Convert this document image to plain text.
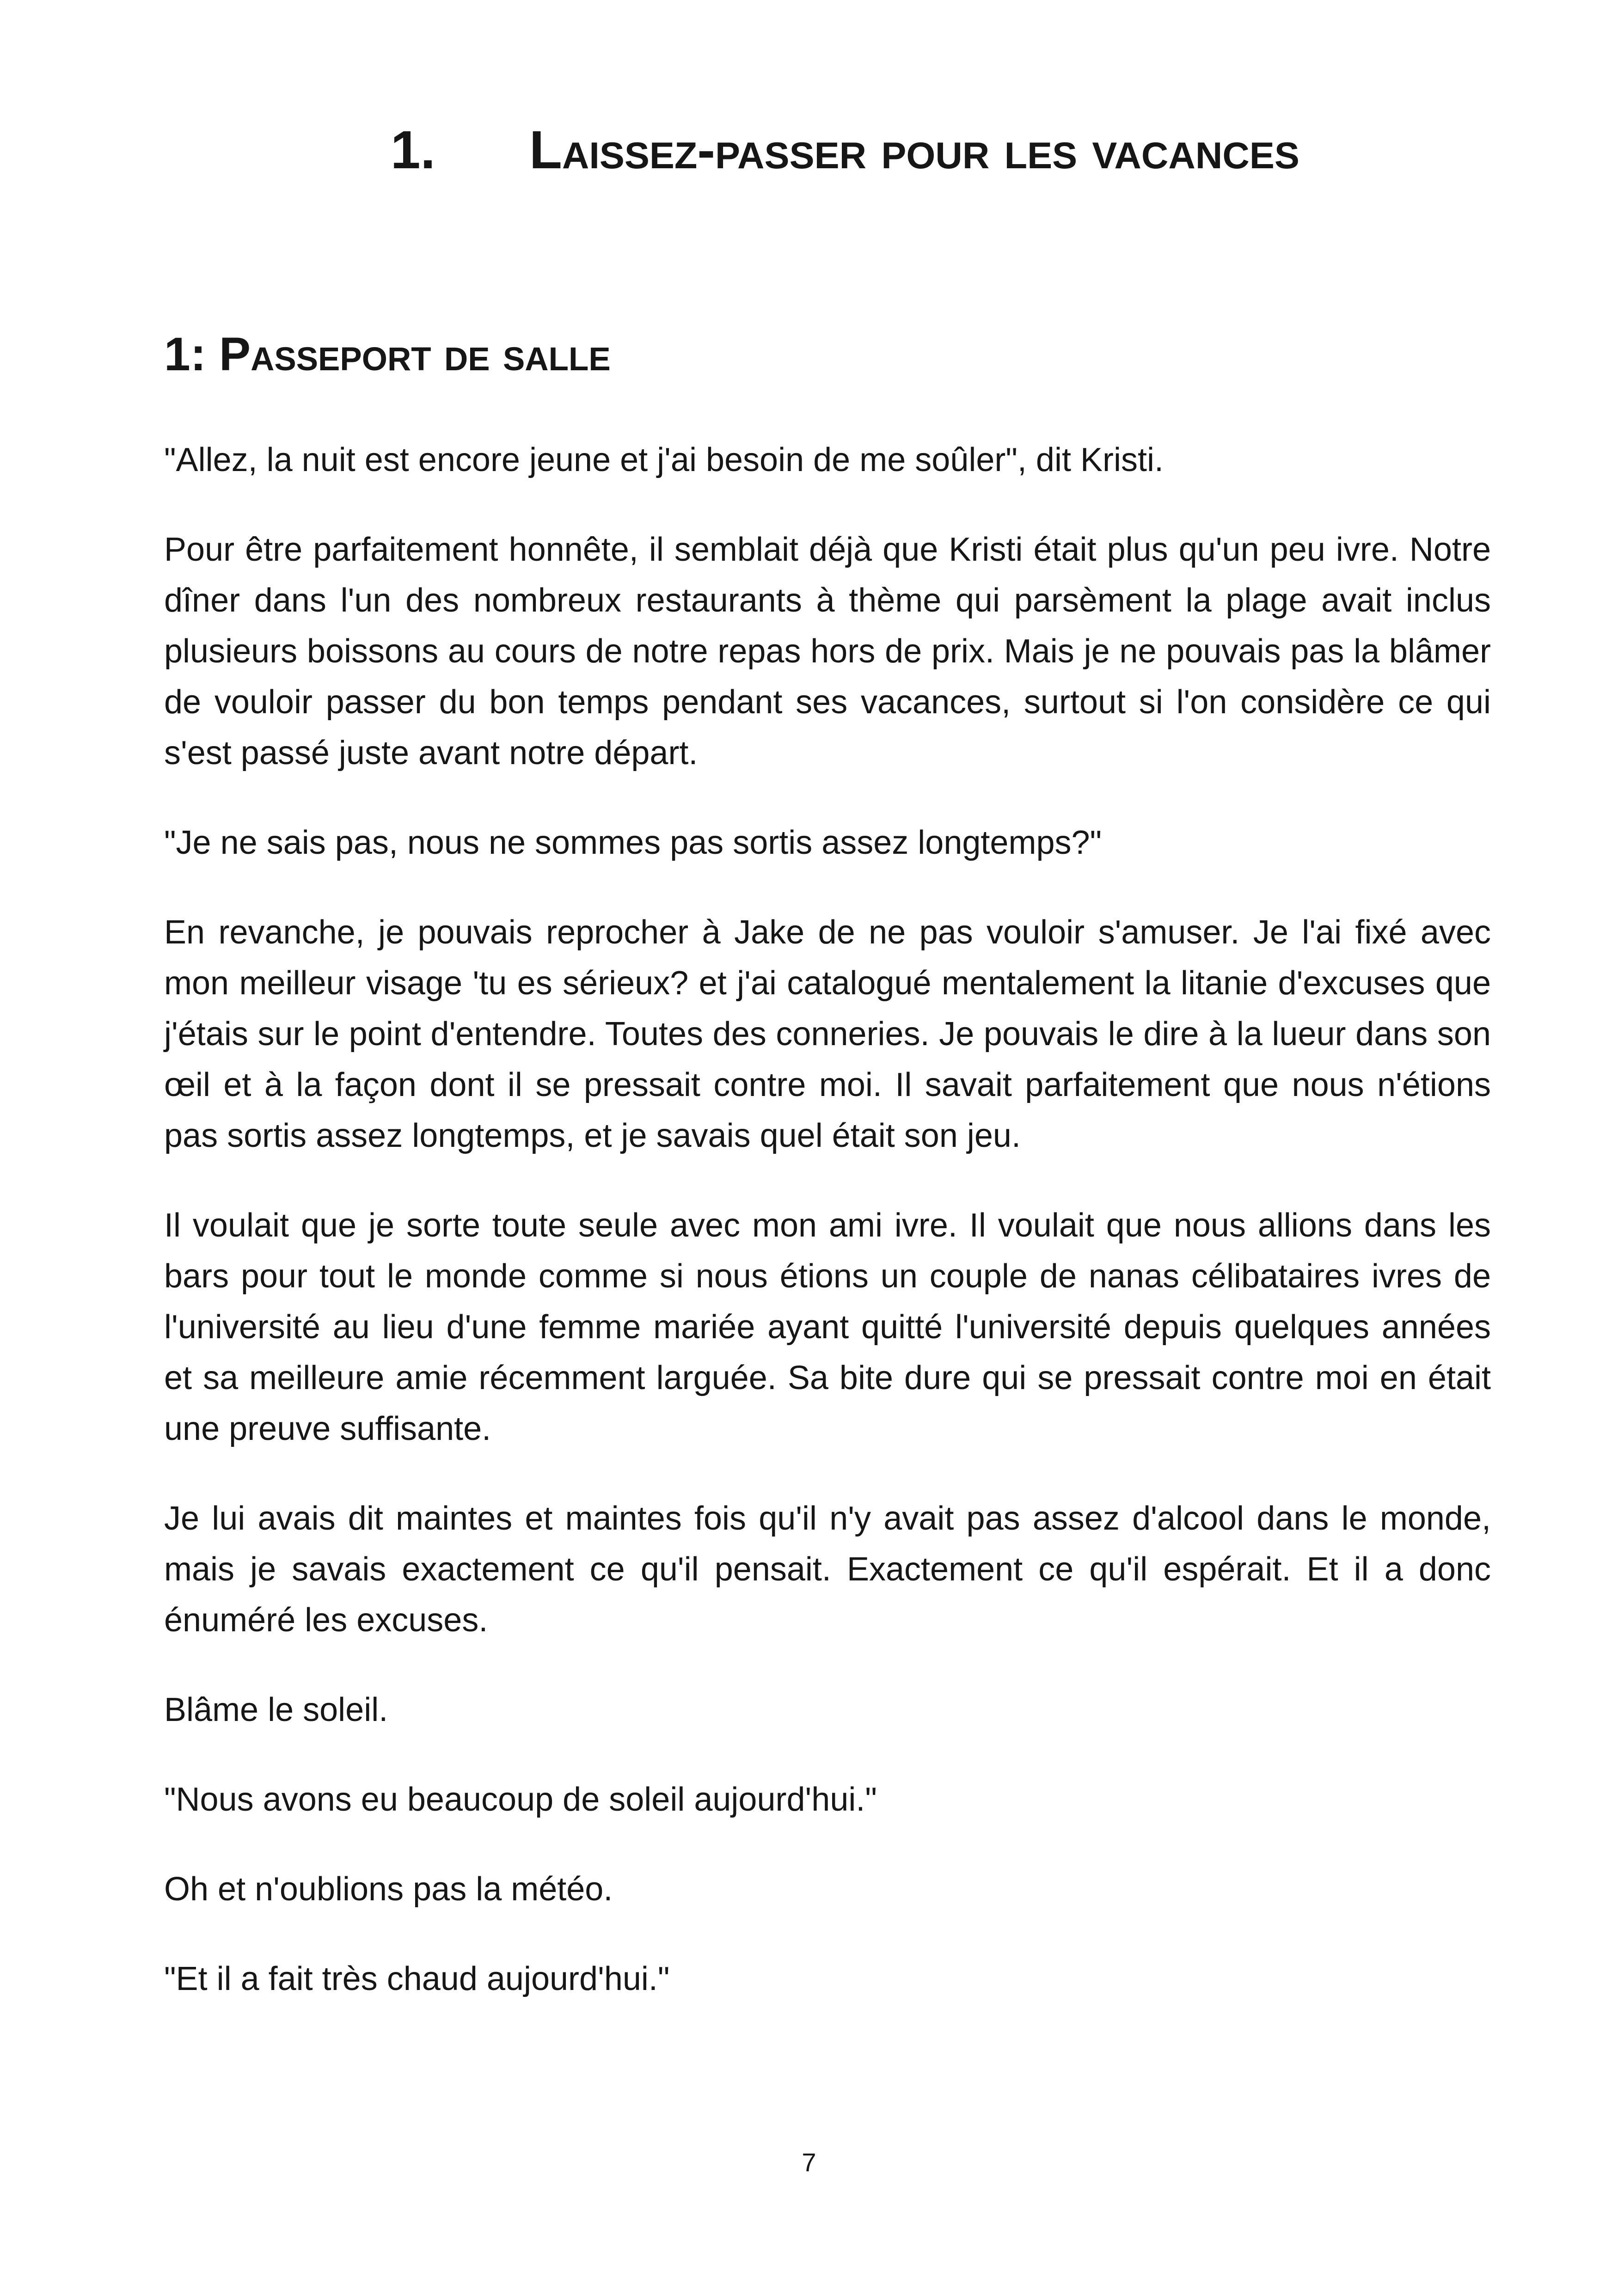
1. Laissez-passer pour les vacances
1: Passeport de salle

"Allez, la nuit est encore jeune et j'ai besoin de me soûler", dit Kristi.

Pour être parfaitement honnête, il semblait déjà que Kristi était plus qu'un peu ivre. Notre dîner dans l'un des nombreux restaurants à thème qui parsèment la plage avait inclus plusieurs boissons au cours de notre repas hors de prix. Mais je ne pouvais pas la blâmer de vouloir passer du bon temps pendant ses vacances, surtout si l'on considère ce qui s'est passé juste avant notre départ.

"Je ne sais pas, nous ne sommes pas sortis assez longtemps?"

En revanche, je pouvais reprocher à Jake de ne pas vouloir s'amuser. Je l'ai fixé avec mon meilleur visage 'tu es sérieux? et j'ai catalogué mentalement la litanie d'excuses que j'étais sur le point d'entendre. Toutes des conneries. Je pouvais le dire à la lueur dans son œil et à la façon dont il se pressait contre moi. Il savait parfaitement que nous n'étions pas sortis assez longtemps, et je savais quel était son jeu.

Il voulait que je sorte toute seule avec mon ami ivre. Il voulait que nous allions dans les bars pour tout le monde comme si nous étions un couple de nanas célibataires ivres de l'université au lieu d'une femme mariée ayant quitté l'université depuis quelques années et sa meilleure amie récemment larguée. Sa bite dure qui se pressait contre moi en était une preuve suffisante.

Je lui avais dit maintes et maintes fois qu'il n'y avait pas assez d'alcool dans le monde, mais je savais exactement ce qu'il pensait. Exactement ce qu'il espérait. Et il a donc énuméré les excuses.

Blâme le soleil.

"Nous avons eu beaucoup de soleil aujourd'hui."

Oh et n'oublions pas la météo.

"Et il a fait très chaud aujourd'hui."

7
